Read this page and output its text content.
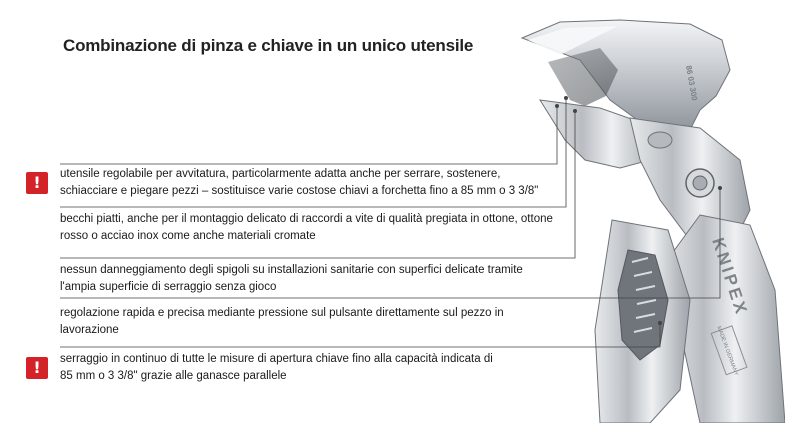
Combinazione di pinza e chiave in un unico utensile
KNIPEX
MADE IN GERMANY
86 03 300
!
!
utensile regolabile per avvitatura, particolarmente adatta anche per serrare, sostenere, schiacciare e piegare pezzi – sostituisce varie costose chiavi a forchetta fino a 85 mm o 3 3/8"
becchi piatti, anche per il montaggio delicato di raccordi a vite di qualità pregiata in ottone, ottone rosso o acciao inox come anche materiali cromate
nessun danneggiamento degli spigoli su installazioni sanitarie con superfici delicate tramite l'ampia superficie di serraggio senza gioco
regolazione rapida e precisa mediante pressione sul pulsante direttamente sul pezzo in lavorazione
serraggio in continuo di tutte le misure di apertura chiave fino alla capacità indicata di 85 mm o 3 3/8" grazie alle ganasce parallele
